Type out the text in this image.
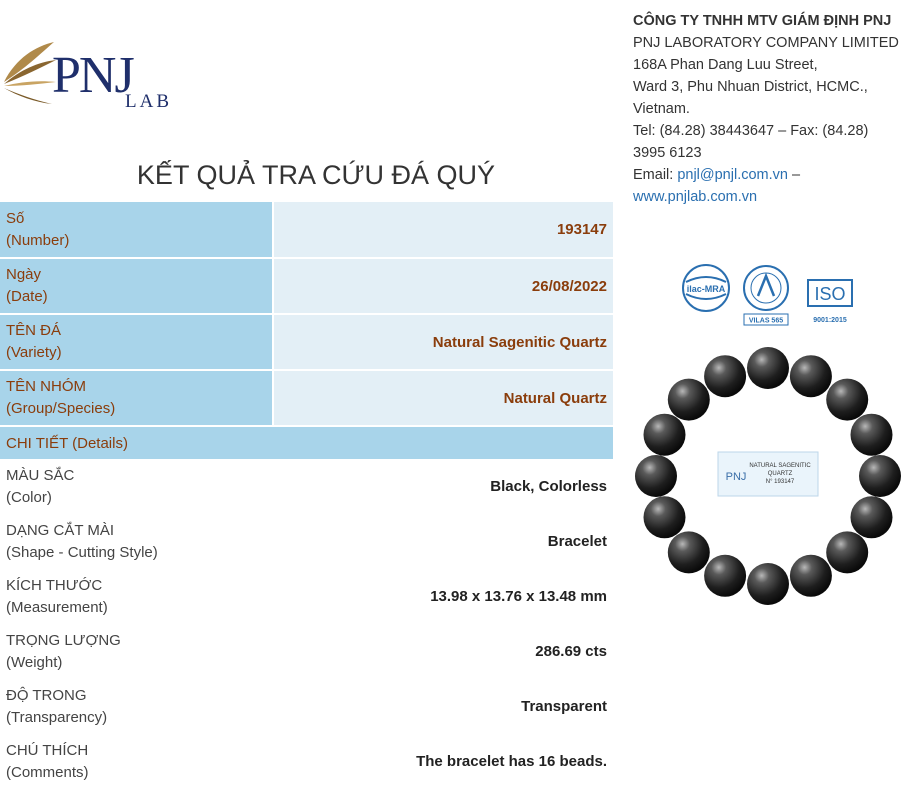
PNJ
LAB
KẾT QUẢ TRA CỨU ĐÁ QUÝ
Số
(Number)	193147
Ngày
(Date)	26/08/2022
TÊN ĐÁ
(Variety)	Natural Sagenitic Quartz
TÊN NHÓM
(Group/Species)	Natural Quartz
CHI TIẾT (Details)	
MÀU SẮC
(Color)	Black, Colorless
DẠNG CẮT MÀI
(Shape - Cutting Style)	Bracelet
KÍCH THƯỚC
(Measurement)	13.98 x 13.76 x 13.48 mm
TRỌNG LƯỢNG
(Weight)	286.69 cts
ĐỘ TRONG
(Transparency)	Transparent
CHÚ THÍCH
(Comments)	The bracelet has 16 beads.
CÔNG TY TNHH MTV GIÁM ĐỊNH PNJ
PNJ LABORATORY COMPANY LIMITED
168A Phan Dang Luu Street,
Ward 3, Phu Nhuan District, HCMC., Vietnam.
Tel: (84.28) 38443647 – Fax: (84.28) 3995 6123
Email: pnjl@pnjl.com.vn –
www.pnjlab.com.vn
ilac-MRA
VILAS 565
ISO
9001:2015
PNJ
NATURAL SAGENITIC
QUARTZ
N° 193147
